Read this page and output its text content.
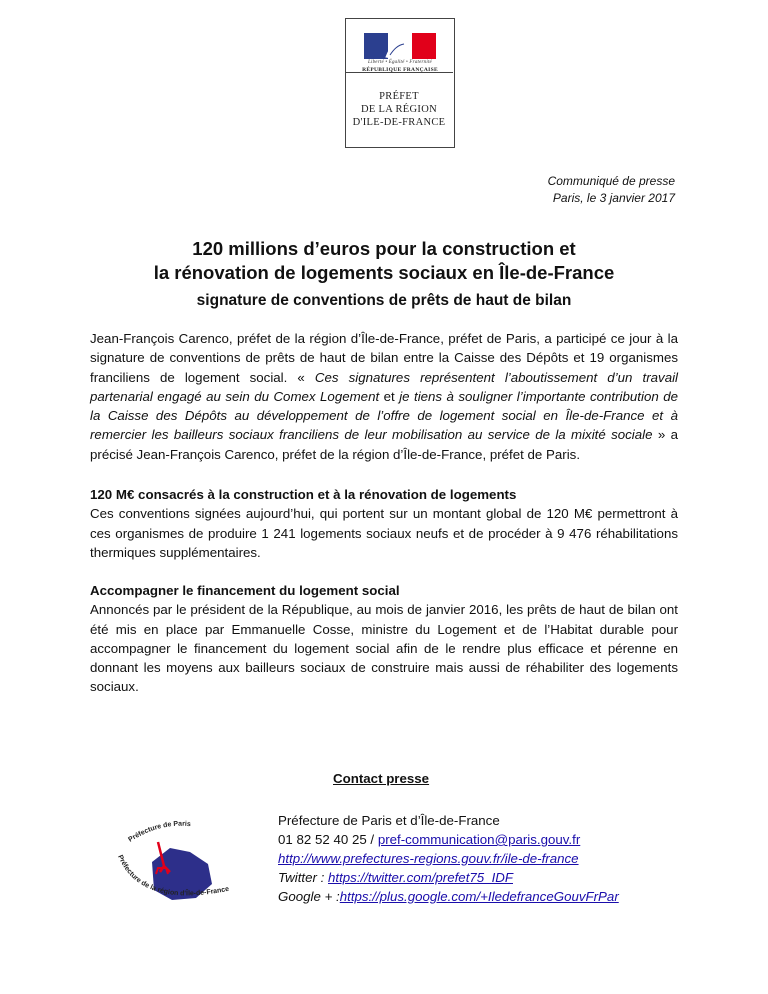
Liberté • Égalité • Fraternité
RÉPUBLIQUE FRANÇAISE
PRÉFET
DE LA RÉGION
D'ILE-DE-FRANCE
Communiqué de presse
Paris, le 3 janvier 2017
120 millions d’euros pour la construction et
la rénovation de logements sociaux en Île-de-France
signature de conventions de prêts de haut de bilan
Jean-François Carenco, préfet de la région d’Île-de-France, préfet de Paris, a participé ce jour à la signature de conventions de prêts de haut de bilan entre la Caisse des Dépôts et 19 organismes franciliens de logement social. « Ces signatures représentent l’aboutissement d’un travail partenarial engagé au sein du Comex Logement et je tiens à souligner l’importante contribution de la Caisse des Dépôts au développement de l’offre de logement social en Île-de-France et à remercier les bailleurs sociaux franciliens de leur mobilisation au service de la mixité sociale » a précisé Jean-François Carenco, préfet de la région d’Île-de-France, préfet de Paris.
120 M€ consacrés à la construction et à la rénovation de logements
Ces conventions signées aujourd’hui, qui portent sur un montant global de 120 M€ permettront à ces organismes de produire 1 241 logements sociaux neufs et de procéder à 9 476 réhabilitations thermiques supplémentaires.
Accompagner le financement du logement social
Annoncés par le président de la République, au mois de janvier 2016, les prêts de haut de bilan ont été mis en place par Emmanuelle Cosse, ministre du Logement et de l’Habitat durable pour accompagner le financement du logement social afin de le rendre plus efficace et pérenne en donnant les moyens aux bailleurs sociaux de construire mais aussi de réhabiliter des logements sociaux.
Contact presse
Préfecture de Paris
Préfecture de la région d'Île-de-France
Préfecture de Paris et d’Île-de-France
01 82 52 40 25 / pref-communication@paris.gouv.fr
http://www.prefectures-regions.gouv.fr/ile-de-france
Twitter : https://twitter.com/prefet75_IDF
Google + :https://plus.google.com/+IledefranceGouvFrPar
